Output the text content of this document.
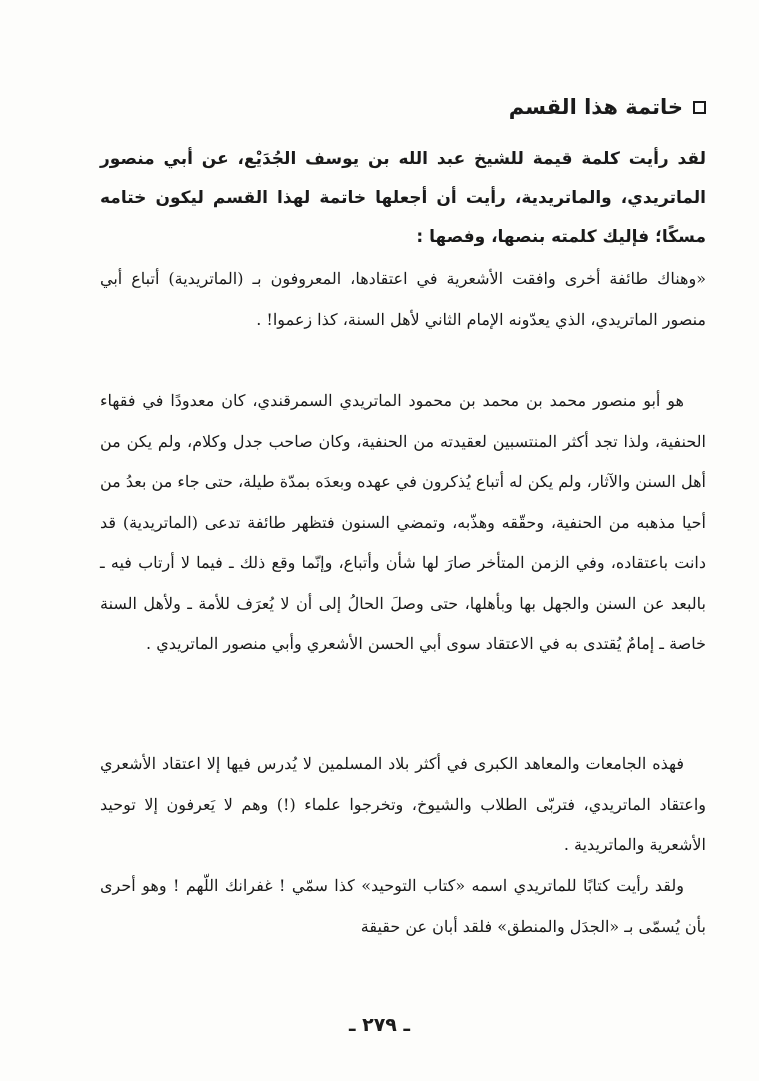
خاتمة هذا القسم
لقد رأيت كلمة قيمة للشيخ عبد الله بن يوسف الجُدَيْع، عن أبي منصور الماتريدي، والماتريدية، رأيت أن أجعلها خاتمة لهذا القسم ليكون ختامه مسكًا؛ فإليك كلمته بنصها، وفصها :
«وهناك طائفة أخرى وافقت الأشعرية في اعتقادها، المعروفون بـ (الماتريدية) أتباع أبي منصور الماتريدي، الذي يعدّونه الإمام الثاني لأهل السنة، كذا زعموا! .
هو أبو منصور محمد بن محمد بن محمود الماتريدي السمرقندي، كان معدودًا في فقهاء الحنفية، ولذا تجد أكثر المنتسبين لعقيدته من الحنفية، وكان صاحب جدل وكلام، ولم يكن من أهل السنن والآثار، ولم يكن له أتباع يُذكرون في عهده وبعدَه بمدّة طيلة، حتى جاء من بعدُ من أحيا مذهبه من الحنفية، وحقّقه وهذّبه، وتمضي السنون فتظهر طائفة تدعى (الماتريدية) قد دانت باعتقاده، وفي الزمن المتأخر صارَ لها شأن وأتباع، وإنّما وقع ذلك ـ فيما لا أرتاب فيه ـ بالبعد عن السنن والجهل بها وبأهلها، حتى وصلَ الحالُ إلى أن لا يُعرَف للأمة ـ ولأهل السنة خاصة ـ إمامٌ يُقتدى به في الاعتقاد سوى أبي الحسن الأشعري وأبي منصور الماتريدي .
فهذه الجامعات والمعاهد الكبرى في أكثر بلاد المسلمين لا يُدرس فيها إلا اعتقاد الأشعري واعتقاد الماتريدي، فتربّى الطلاب والشيوخ، وتخرجوا علماء (!) وهم لا يَعرفون إلا توحيد الأشعرية والماتريدية .
ولقد رأيت كتابًا للماتريدي اسمه «كتاب التوحيد» كذا سمّي ! غفرانك اللّهم ! وهو أحرى بأن يُسمّى بـ «الجدَل والمنطق» فلقد أبان عن حقيقة
ـ ٢٧٩ ـ
